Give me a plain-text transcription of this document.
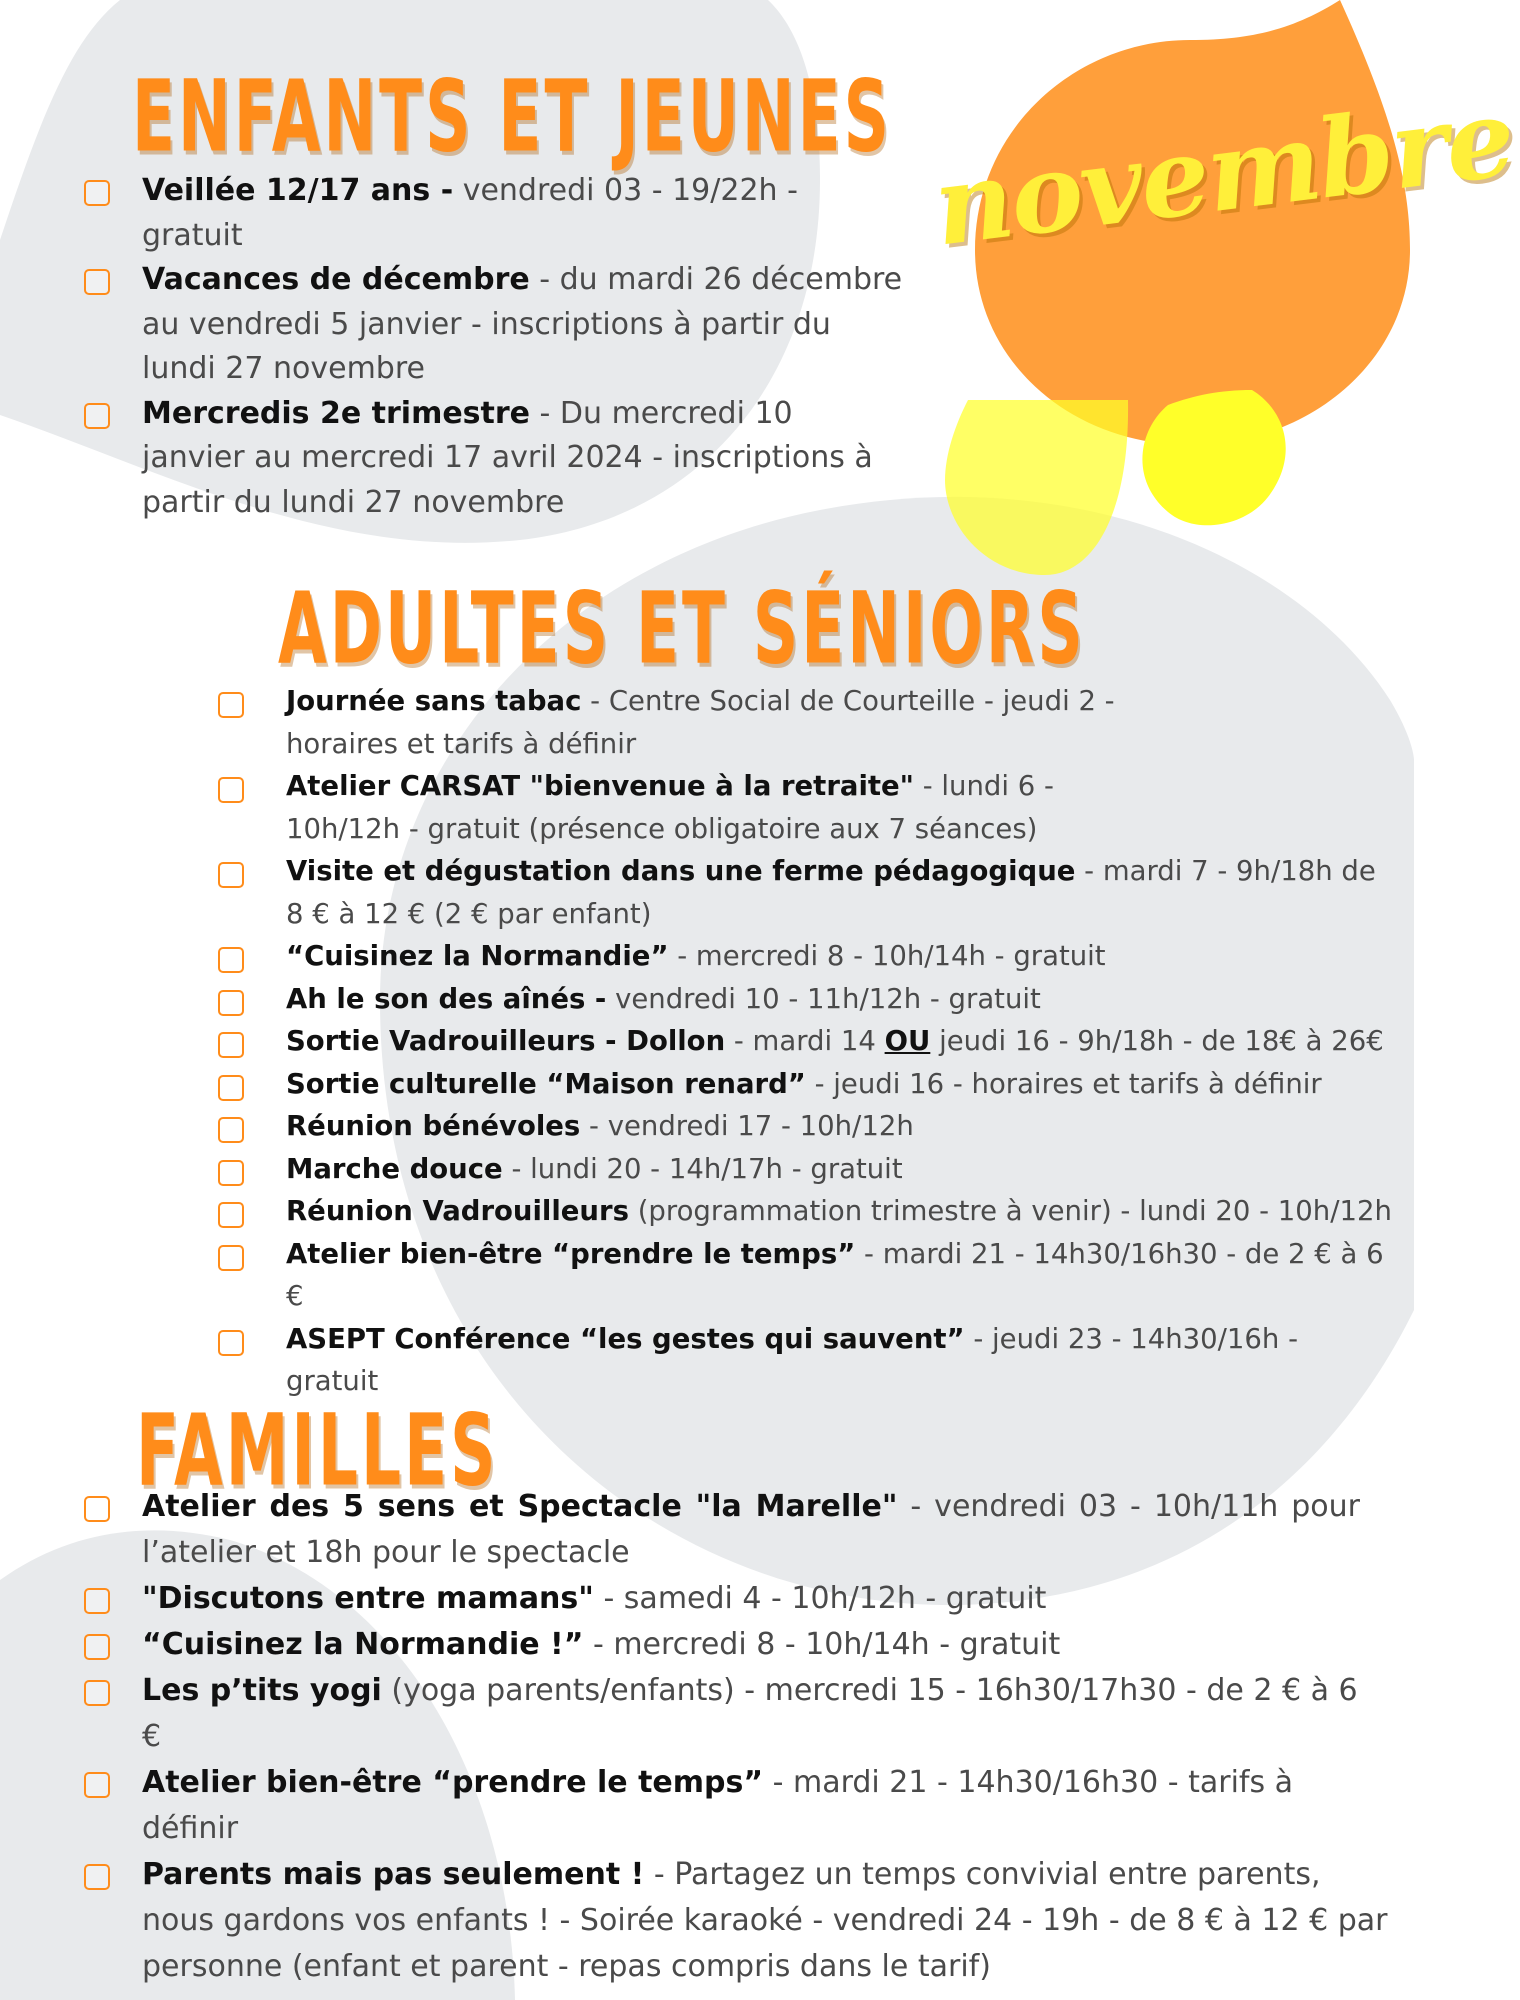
novembre
ENFANTS ET JEUNES
Veillée 12/17 ans - vendredi 03 - 19/22h - gratuit
Vacances de décembre - du mardi 26 décembre au vendredi 5 janvier - inscriptions à partir du lundi 27 novembre
Mercredis 2e trimestre - Du mercredi 10 janvier au mercredi 17 avril 2024 - inscriptions à partir du lundi 27 novembre
ADULTES ET SÉNIORS
Journée sans tabac - Centre Social de Courteille - jeudi 2 - horaires et tarifs à définir
Atelier CARSAT "bienvenue à la retraite" - lundi 6 - 10h/12h - gratuit (présence obligatoire aux 7 séances)
Visite et dégustation dans une ferme pédagogique - mardi 7 - 9h/18h de 8 € à 12 € (2 € par enfant)
“Cuisinez la Normandie” - mercredi 8 - 10h/14h - gratuit
Ah le son des aînés - vendredi 10 - 11h/12h - gratuit
Sortie Vadrouilleurs - Dollon - mardi 14 OU jeudi 16 - 9h/18h - de 18€ à 26€
Sortie culturelle “Maison renard” - jeudi 16 - horaires et tarifs à définir
Réunion bénévoles - vendredi 17 - 10h/12h
Marche douce - lundi 20 - 14h/17h - gratuit
Réunion Vadrouilleurs (programmation trimestre à venir) - lundi 20 - 10h/12h
Atelier bien-être “prendre le temps” - mardi 21 - 14h30/16h30 - de 2 € à 6 €
ASEPT Conférence “les gestes qui sauvent” - jeudi 23 - 14h30/16h - gratuit
FAMILLES
Atelier des 5 sens et Spectacle "la Marelle" - vendredi 03 - 10h/11h pour l’atelier et 18h pour le spectacle
"Discutons entre mamans" - samedi 4 - 10h/12h - gratuit
“Cuisinez la Normandie !” - mercredi 8 - 10h/14h - gratuit
Les p’tits yogi (yoga parents/enfants) - mercredi 15 - 16h30/17h30 - de 2 € à 6 €
Atelier bien-être “prendre le temps” - mardi 21 - 14h30/16h30 - tarifs à définir
Parents mais pas seulement ! - Partagez un temps convivial entre parents, nous gardons vos enfants ! - Soirée karaoké - vendredi 24 - 19h - de 8 € à 12 € par personne (enfant et parent - repas compris dans le tarif)
